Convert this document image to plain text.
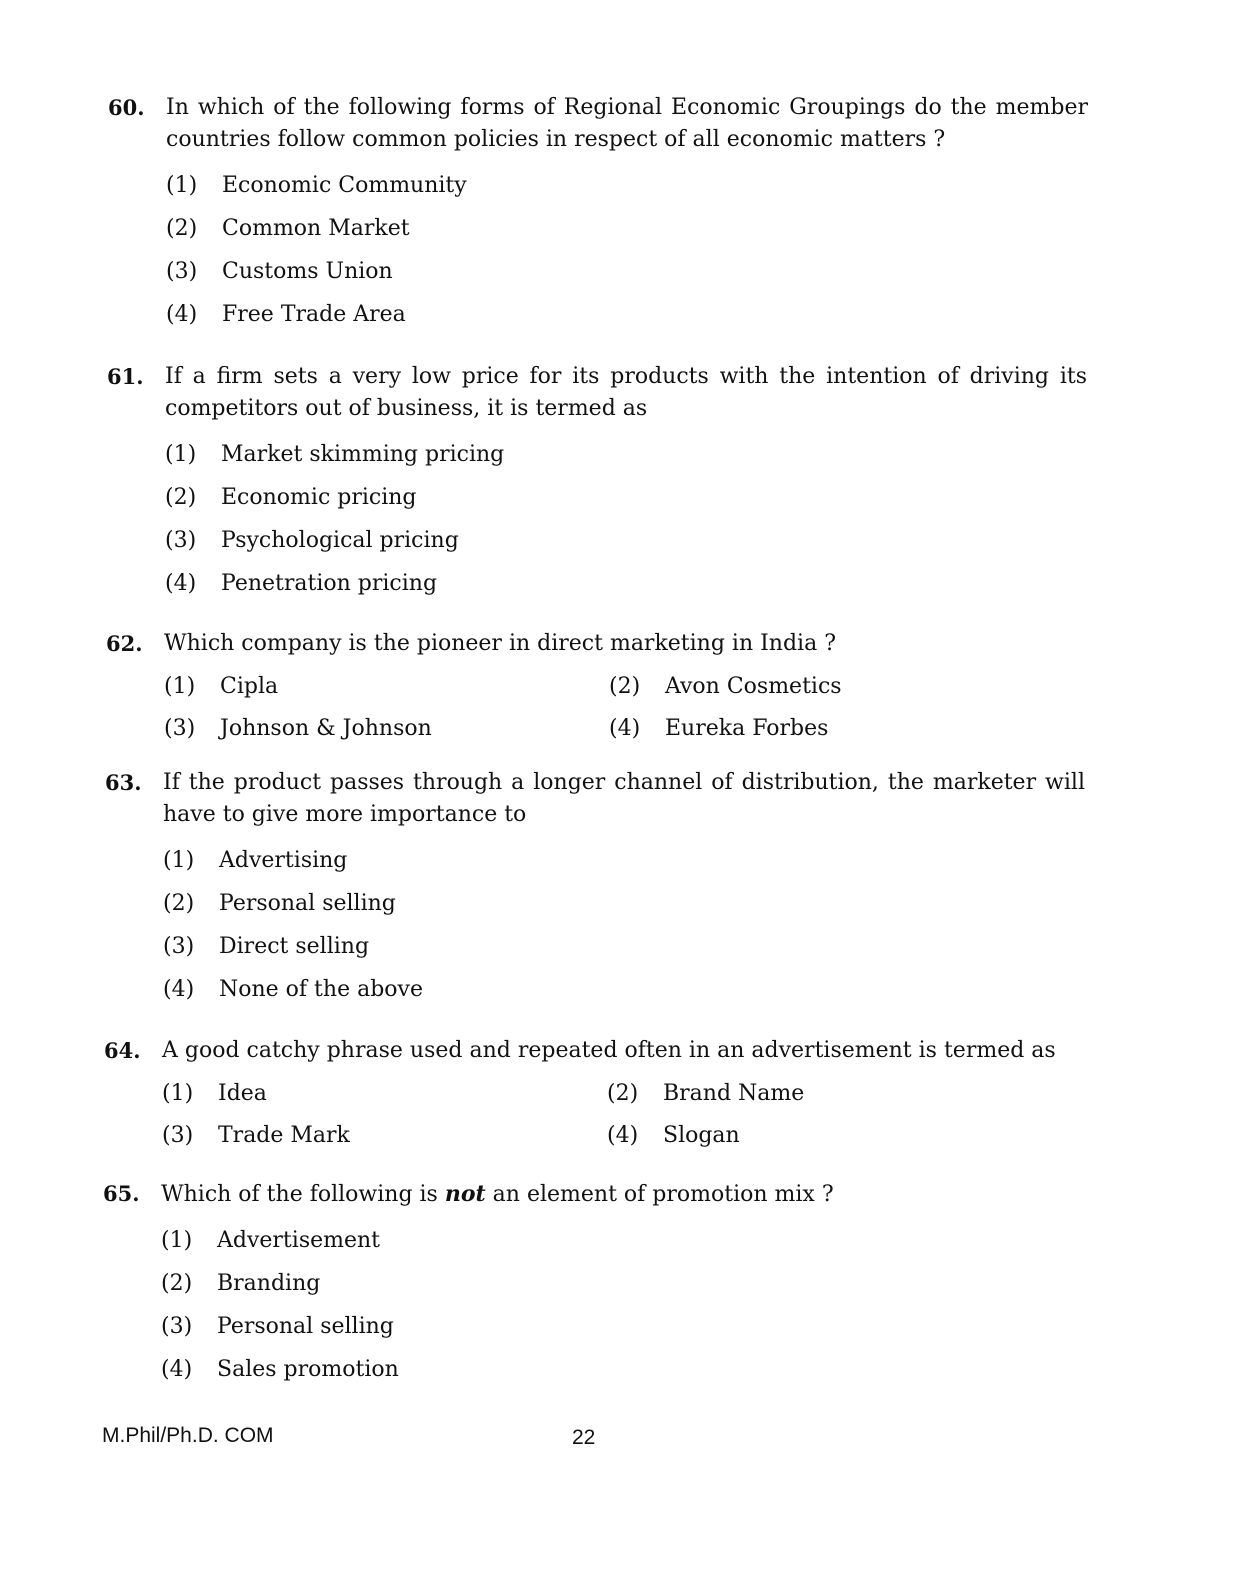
60. In which of the following forms of Regional Economic Groupings do the member countries follow common policies in respect of all economic matters ?
(1)	Economic Community
(2)	Common Market
(3)	Customs Union
(4)	Free Trade Area
61. If a firm sets a very low price for its products with the intention of driving its competitors out of business, it is termed as
(1)	Market skimming pricing
(2)	Economic pricing
(3)	Psychological pricing
(4)	Penetration pricing
62. Which company is the pioneer in direct marketing in India ?
(1)	Cipla	(2)	Avon Cosmetics
(3)	Johnson & Johnson	(4)	Eureka Forbes
63. If the product passes through a longer channel of distribution, the marketer will have to give more importance to
(1)	Advertising
(2)	Personal selling
(3)	Direct selling
(4)	None of the above
64. A good catchy phrase used and repeated often in an advertisement is termed as
(1)	Idea	(2)	Brand Name
(3)	Trade Mark	(4)	Slogan
65. Which of the following is not an element of promotion mix ?
(1)	Advertisement
(2)	Branding
(3)	Personal selling
(4)	Sales promotion
M.Phil/Ph.D. COM	22
